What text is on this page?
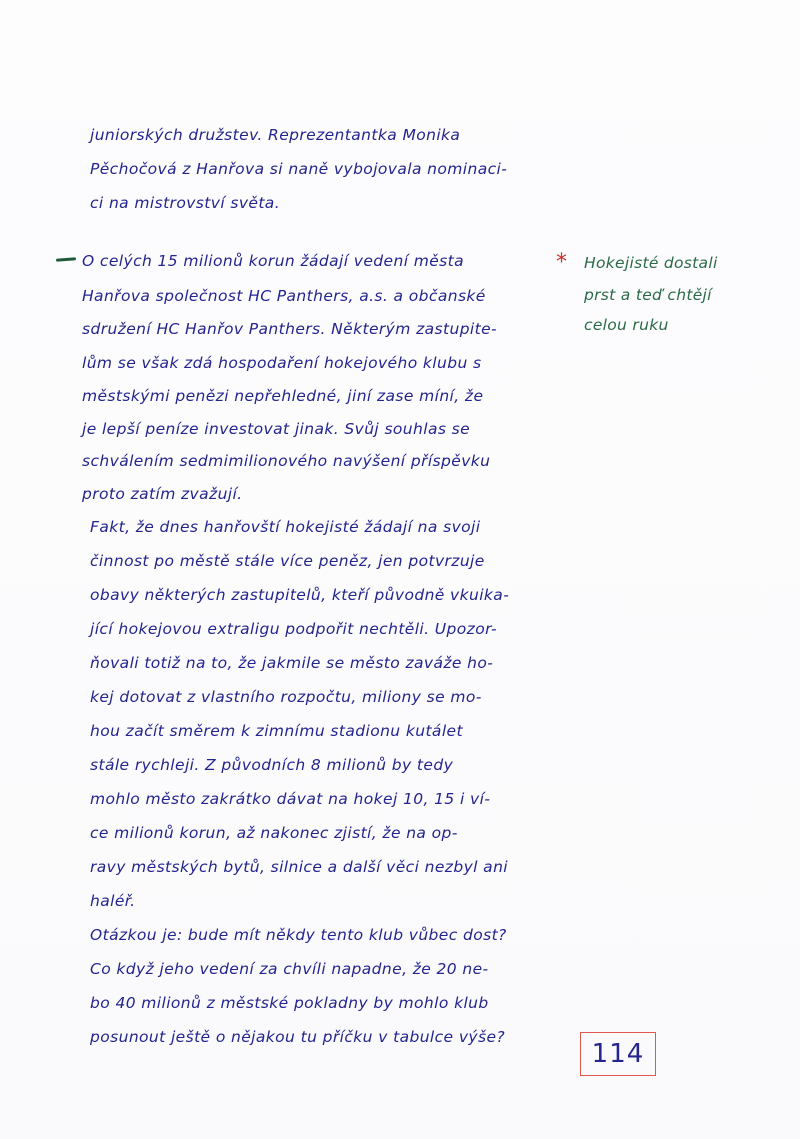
juniorských družstev. Reprezentantka Monika
Pěchočová z Hanřova si naně vybojovala nominaci-
ci na mistrovství světa.
O celých 15 milionů korun žádají vedení města
Hanřova společnost HC Panthers, a.s. a občanské
sdružení HC Hanřov Panthers. Některým zastupite-
lům se však zdá hospodaření hokejového klubu s
městskými penězi nepřehledné, jiní zase míní, že
je lepší peníze investovat jinak. Svůj souhlas se
schválením sedmimilionového navýšení příspěvku
proto zatím zvažují.
Fakt, že dnes hanřovští hokejisté žádají na svoji
činnost po městě stále více peněz, jen potvrzuje
obavy některých zastupitelů, kteří původně vkuika-
jící hokejovou extraligu podpořit nechtěli. Upozor-
ňovali totiž na to, že jakmile se město zaváže ho-
kej dotovat z vlastního rozpočtu, miliony se mo-
hou začít směrem k zimnímu stadionu kutálet
stále rychleji. Z původních 8 milionů by tedy
mohlo město zakrátko dávat na hokej 10, 15 i ví-
ce milionů korun, až nakonec zjistí, že na op-
ravy městských bytů, silnice a další věci nezbyl ani
haléř.
Otázkou je: bude mít někdy tento klub vůbec dost?
Co když jeho vedení za chvíli napadne, že 20 ne-
bo 40 milionů z městské pokladny by mohlo klub
posunout ještě o nějakou tu příčku v tabulce výše?
* Hokejisté dostali
prst a teď chtějí
celou ruku
114
